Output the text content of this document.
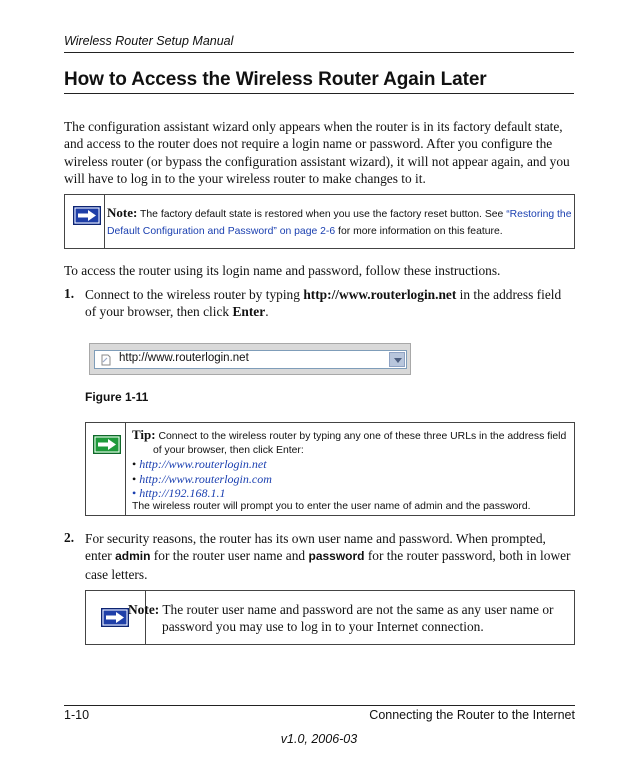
Wireless Router Setup Manual
How to Access the Wireless Router Again Later

The configuration assistant wizard only appears when the router is in its factory default state, and access to the router does not require a login name or password. After you configure the wireless router (or bypass the configuration assistant wizard), it will not appear again, and you will have to log in to the your wireless router to make changes to it.

Note: The factory default state is restored when you use the factory reset button. See “Restoring the Default Configuration and Password” on page 2-6 for more information on this feature.

To access the router using its login name and password, follow these instructions.

1. Connect to the wireless router by typing http://www.routerlogin.net in the address field of your browser, then click Enter.

http://www.routerlogin.net
Figure 1-11
Tip: Connect to the wireless router by typing any one of these three URLs in the address field
of your browser, then click Enter:
• http://www.routerlogin.net
• http://www.routerlogin.com
• http://192.168.1.1
The wireless router will prompt you to enter the user name of admin and the password.
2. For security reasons, the router has its own user name and password. When prompted, enter admin for the router user name and password for the router password, both in lower case letters.

Note: The router user name and password are not the same as any user name or
password you may use to log in to your Internet connection.
1-10	Connecting the Router to the Internet
v1.0, 2006-03
